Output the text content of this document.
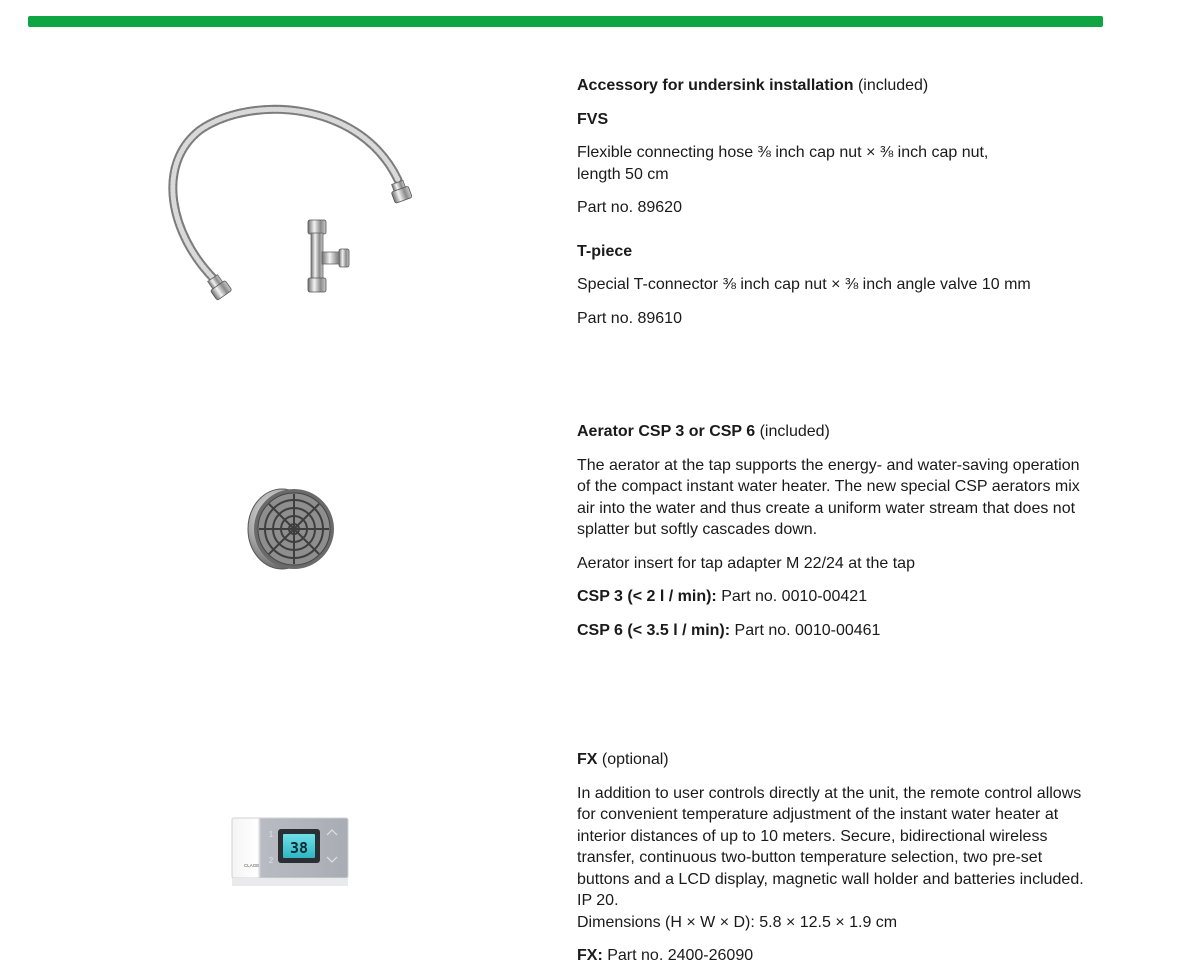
Accessory for undersink installation (included)

FVS

Flexible connecting hose ⅜ inch cap nut × ⅜ inch cap nut,
length 50 cm

Part no. 89620

T-piece

Special T-connector ⅜ inch cap nut × ⅜ inch angle valve 10 mm

Part no. 89610

Aerator CSP 3 or CSP 6 (included)

The aerator at the tap supports the energy- and water-saving operation of the compact instant water heater. The new special CSP aerators mix air into the water and thus create a uniform water stream that does not splatter but softly cascades down.

Aerator insert for tap adapter M 22/24 at the tap

CSP 3 (< 2 l / min): Part no. 0010-00421

CSP 6 (< 3.5 l / min): Part no. 0010-00461

38
1
2
CLAGE

FX (optional)

In addition to user controls directly at the unit, the remote control allows for convenient temperature adjustment of the instant water heater at interior distances of up to 10 meters. Secure, bidirectional wireless transfer, continuous two-button temperature selection, two pre-set buttons and a LCD display, magnetic wall holder and batteries included. IP 20.
Dimensions (H × W × D): 5.8 × 12.5 × 1.9 cm

FX: Part no. 2400-26090
